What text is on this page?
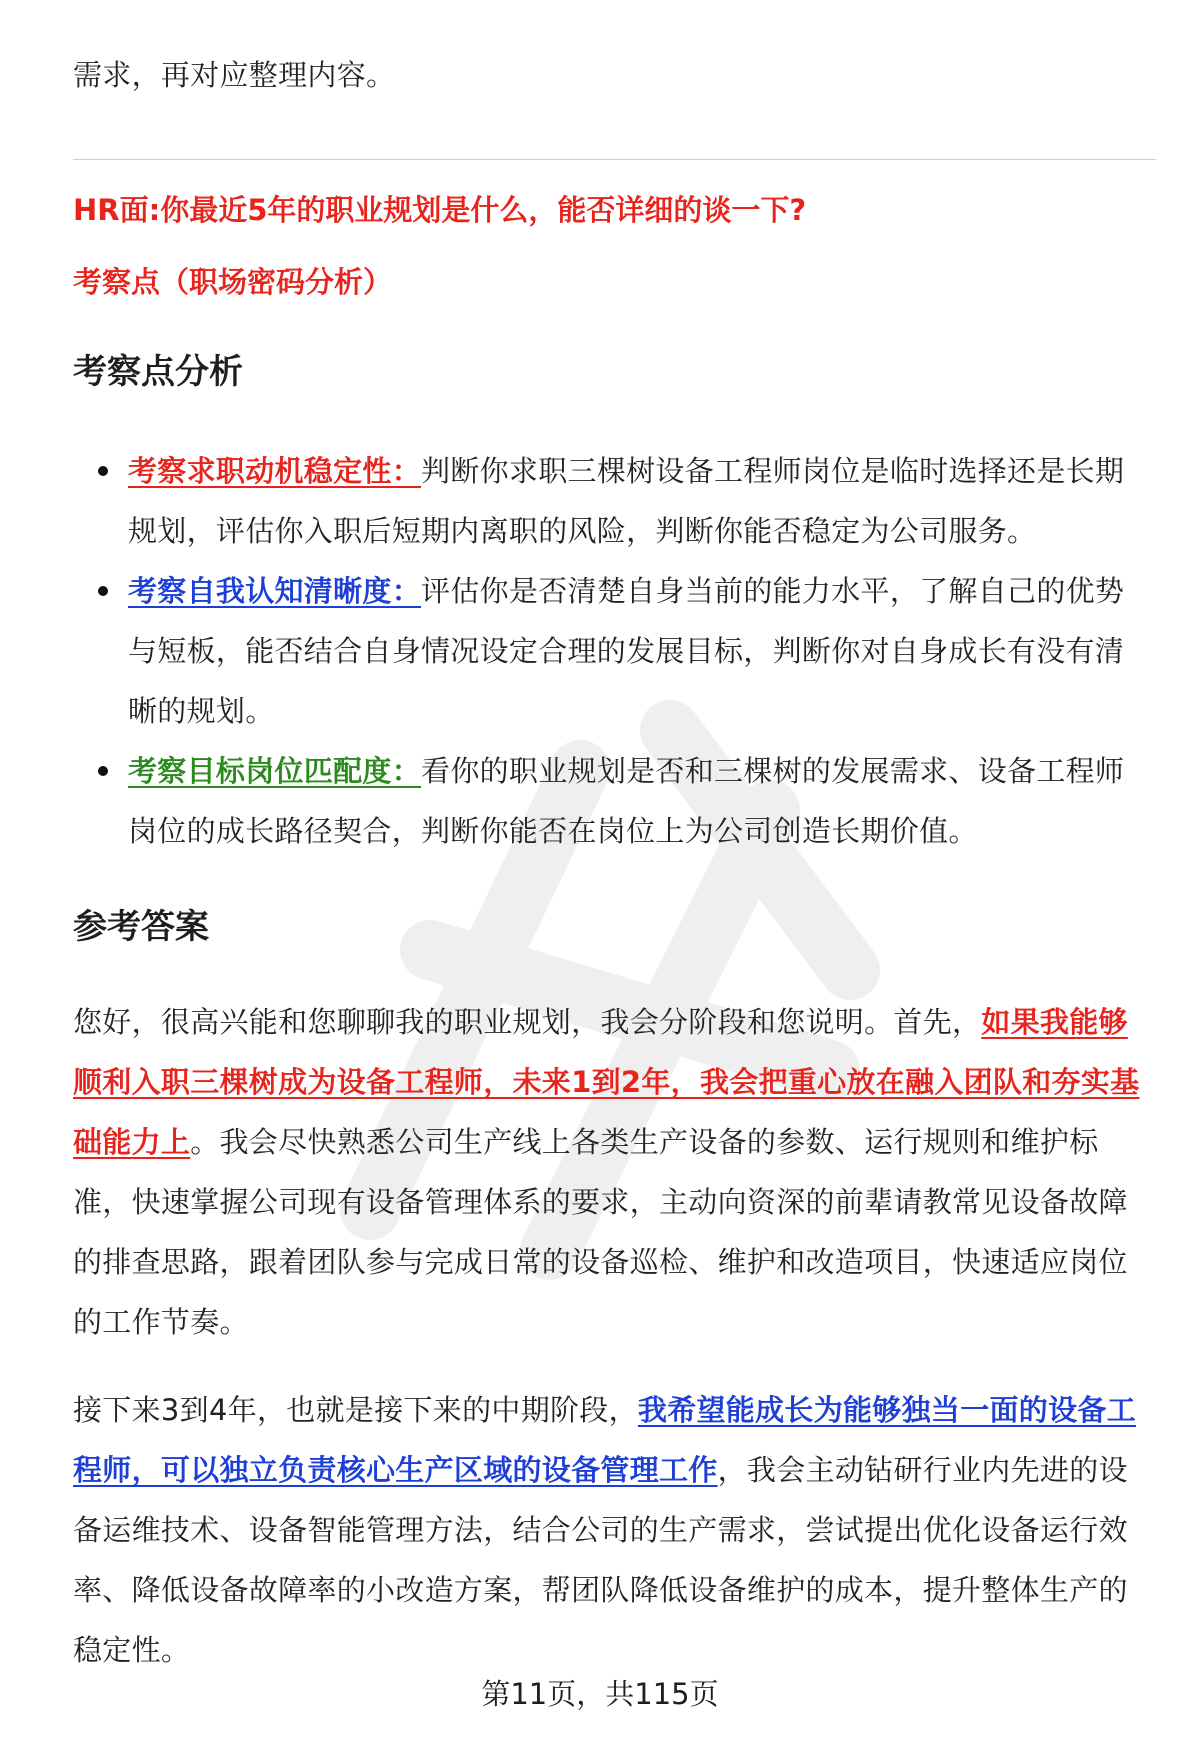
需求，再对应整理内容。

HR面:你最近5年的职业规划是什么，能否详细的谈一下?

考察点（职场密码分析）

考察点分析
考察求职动机稳定性：判断你求职三棵树设备工程师岗位是临时选择还是长期规划，评估你入职后短期内离职的风险，判断你能否稳定为公司服务。
考察自我认知清晰度：评估你是否清楚自身当前的能力水平，了解自己的优势与短板，能否结合自身情况设定合理的发展目标，判断你对自身成长有没有清晰的规划。
考察目标岗位匹配度：看你的职业规划是否和三棵树的发展需求、设备工程师岗位的成长路径契合，判断你能否在岗位上为公司创造长期价值。
参考答案

您好，很高兴能和您聊聊我的职业规划，我会分阶段和您说明。首先，如果我能够顺利入职三棵树成为设备工程师，未来1到2年，我会把重心放在融入团队和夯实基础能力上。我会尽快熟悉公司生产线上各类生产设备的参数、运行规则和维护标准，快速掌握公司现有设备管理体系的要求，主动向资深的前辈请教常见设备故障的排查思路，跟着团队参与完成日常的设备巡检、维护和改造项目，快速适应岗位的工作节奏。

接下来3到4年，也就是接下来的中期阶段，我希望能成长为能够独当一面的设备工程师，可以独立负责核心生产区域的设备管理工作，我会主动钻研行业内先进的设备运维技术、设备智能管理方法，结合公司的生产需求，尝试提出优化设备运行效率、降低设备故障率的小改造方案，帮团队降低设备维护的成本，提升整体生产的稳定性。

第11页，共115页
